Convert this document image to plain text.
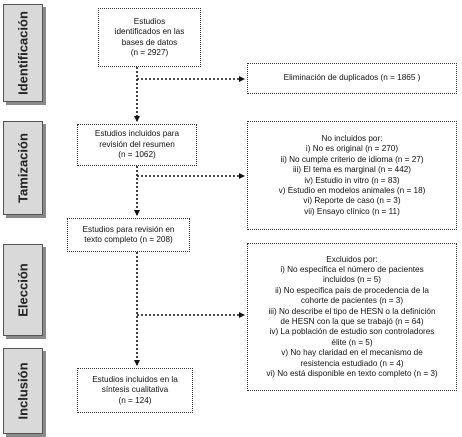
Identificación
Tamización
Elección
Inclusión
Estudios
identificados en las
bases de datos
(n = 2927)
Eliminación de duplicados (n = 1865 )
Estudios incluidos para
revisión del resumen
(n = 1062)
No incluidos por:
i) No es original (n = 270)
ii) No cumple criterio de idioma (n = 27)
iii) El tema es marginal (n = 442)
iv) Estudio in vitro (n = 83)
v) Estudio en modelos animales (n = 18)
vi) Reporte de caso (n = 3)
vii) Ensayo clínico (n = 11)
Estudios para revisión en
texto completo (n = 208)
Excluidos por:
i) No especifica el número de pacientes
incluidos (n = 5)
ii) No especifica país de procedencia de la
cohorte de pacientes (n = 3)
iii) No describe el tipo de HESN o la definición
de HESN con la que se trabajó (n = 64)
iv) La población de estudio son controladores
élite (n = 5)
v) No hay claridad en el mecanismo de
resistencia estudiado (n = 4)
vi) No está disponible en texto completo (n = 3)
Estudios incluidos en la
síntesis cualitativa
(n = 124)
